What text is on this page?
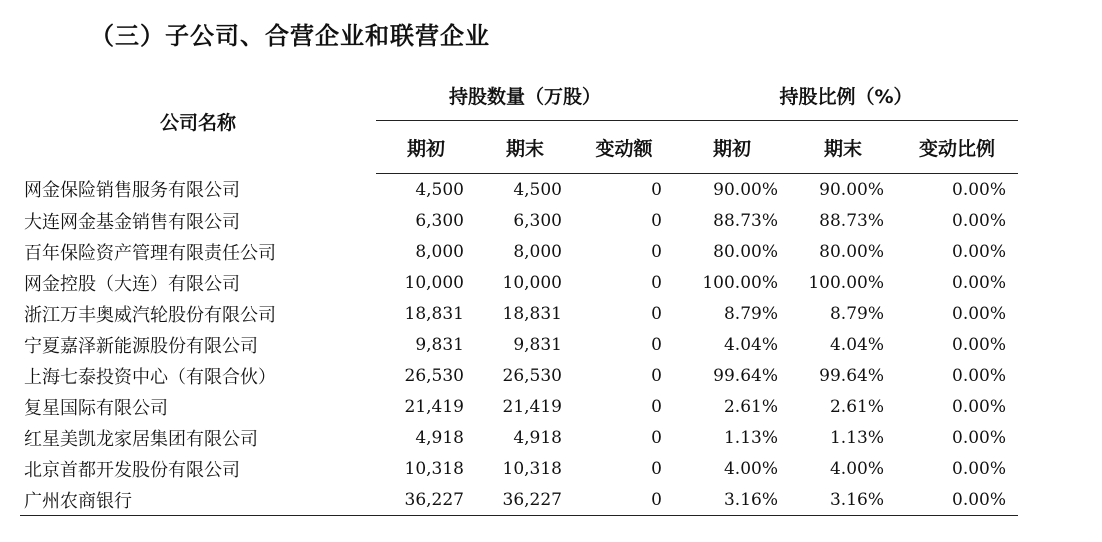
（三）子公司、合营企业和联营企业
公司名称	持股数量（万股）			持股比例（%）		
	期初	期末	变动额	期初	期末	变动比例
网金保险销售服务有限公司	4,500	4,500	0	90.00%	90.00%	0.00%
大连网金基金销售有限公司	6,300	6,300	0	88.73%	88.73%	0.00%
百年保险资产管理有限责任公司	8,000	8,000	0	80.00%	80.00%	0.00%
网金控股（大连）有限公司	10,000	10,000	0	100.00%	100.00%	0.00%
浙江万丰奥威汽轮股份有限公司	18,831	18,831	0	8.79%	8.79%	0.00%
宁夏嘉泽新能源股份有限公司	9,831	9,831	0	4.04%	4.04%	0.00%
上海七泰投资中心（有限合伙）	26,530	26,530	0	99.64%	99.64%	0.00%
复星国际有限公司	21,419	21,419	0	2.61%	2.61%	0.00%
红星美凯龙家居集团有限公司	4,918	4,918	0	1.13%	1.13%	0.00%
北京首都开发股份有限公司	10,318	10,318	0	4.00%	4.00%	0.00%
广州农商银行	36,227	36,227	0	3.16%	3.16%	0.00%
